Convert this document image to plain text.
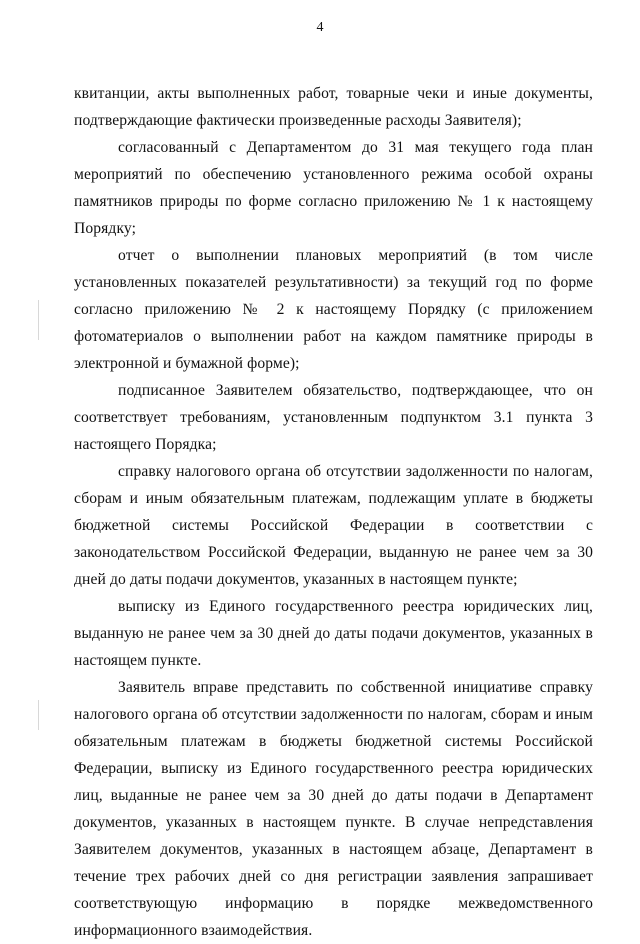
4

квитанции, акты выполненных работ, товарные чеки и иные документы, подтверждающие фактически произведенные расходы Заявителя);

согласованный с Департаментом до 31 мая текущего года план мероприятий по обеспечению установленного режима особой охраны памятников природы по форме согласно приложению № 1 к настоящему Порядку;

отчет о выполнении плановых мероприятий (в том числе установленных показателей результативности) за текущий год по форме согласно приложению № 2 к настоящему Порядку (с приложением фотоматериалов о выполнении работ на каждом памятнике природы в электронной и бумажной форме);

подписанное Заявителем обязательство, подтверждающее, что он соответствует требованиям, установленным подпунктом 3.1 пункта 3 настоящего Порядка;

справку налогового органа об отсутствии задолженности по налогам, сборам и иным обязательным платежам, подлежащим уплате в бюджеты бюджетной системы Российской Федерации в соответствии с законодательством Российской Федерации, выданную не ранее чем за 30 дней до даты подачи документов, указанных в настоящем пункте;

выписку из Единого государственного реестра юридических лиц, выданную не ранее чем за 30 дней до даты подачи документов, указанных в настоящем пункте.

Заявитель вправе представить по собственной инициативе справку налогового органа об отсутствии задолженности по налогам, сборам и иным обязательным платежам в бюджеты бюджетной системы Российской Федерации, выписку из Единого государственного реестра юридических лиц, выданные не ранее чем за 30 дней до даты подачи в Департамент документов, указанных в настоящем пункте. В случае непредставления Заявителем документов, указанных в настоящем абзаце, Департамент в течение трех рабочих дней со дня регистрации заявления запрашивает соответствующую информацию в порядке межведомственного информационного взаимодействия.
